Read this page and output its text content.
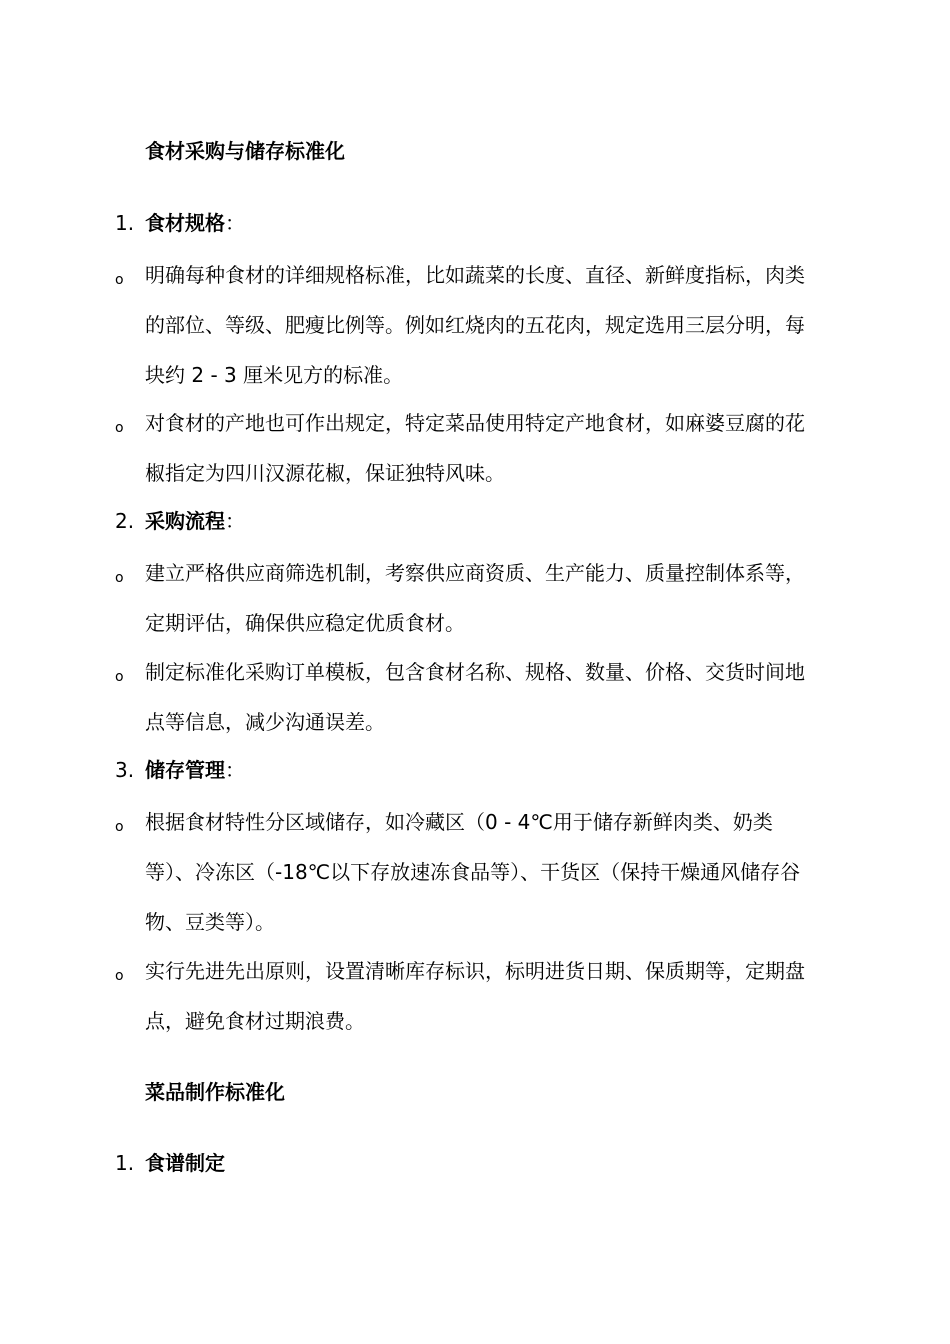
食材采购与储存标准化
1. 食材规格：
o 明确每种食材的详细规格标准，比如蔬菜的长度、直径、新鲜度指标，肉类的部位、等级、肥瘦比例等。例如红烧肉的五花肉，规定选用三层分明，每块约 2 - 3 厘米见方的标准。
o 对食材的产地也可作出规定，特定菜品使用特定产地食材，如麻婆豆腐的花椒指定为四川汉源花椒，保证独特风味。
2. 采购流程：
o 建立严格供应商筛选机制，考察供应商资质、生产能力、质量控制体系等，定期评估，确保供应稳定优质食材。
o 制定标准化采购订单模板，包含食材名称、规格、数量、价格、交货时间地点等信息，减少沟通误差。
3. 储存管理：
o 根据食材特性分区域储存，如冷藏区（0 - 4℃用于储存新鲜肉类、奶类等）、冷冻区（-18℃以下存放速冻食品等）、干货区（保持干燥通风储存谷物、豆类等）。
o 实行先进先出原则，设置清晰库存标识，标明进货日期、保质期等，定期盘点，避免食材过期浪费。
菜品制作标准化
1. 食谱制定
